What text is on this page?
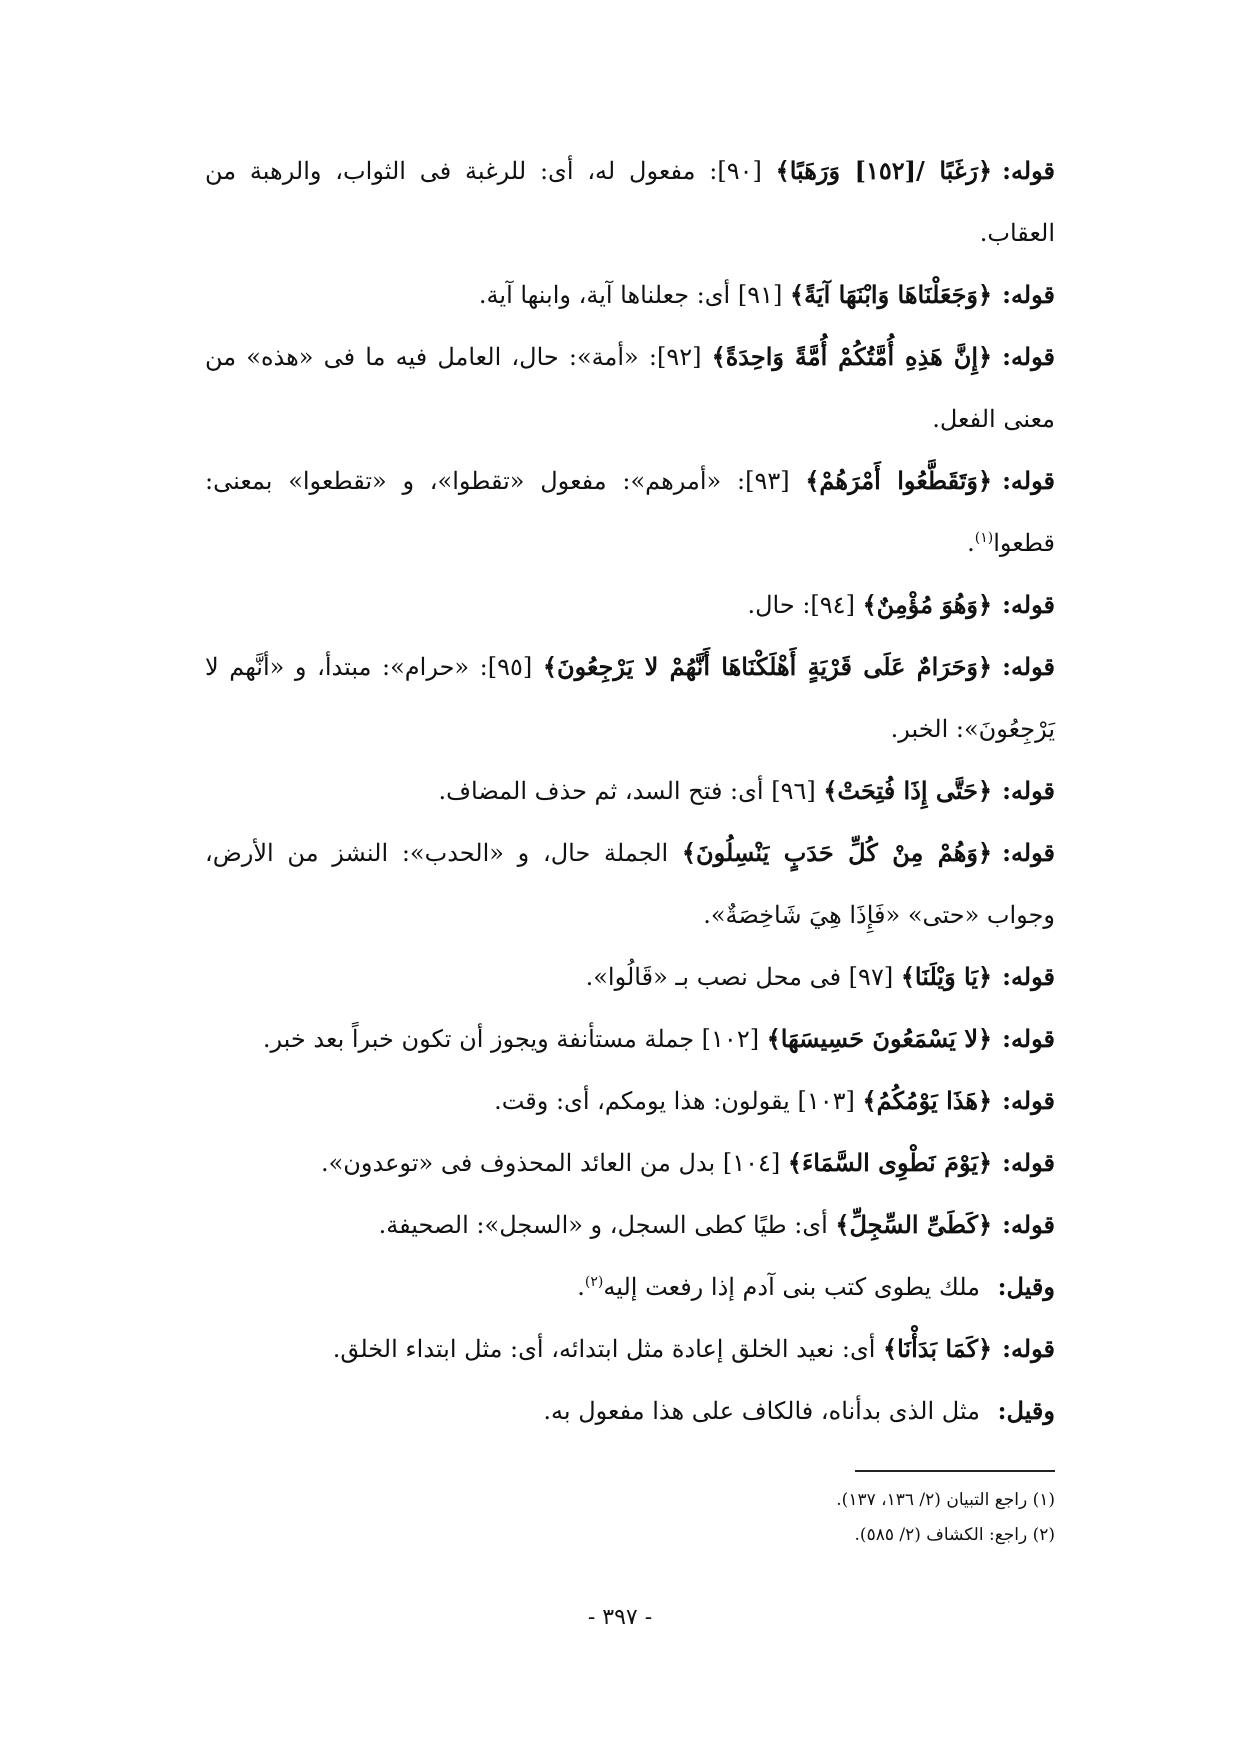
قوله:﴿رَغَبًا /[١٥٢] وَرَهَبًا﴾ [٩٠]: مفعول له، أى: للرغبة فى الثواب، والرهبة من العقاب.

قوله:﴿وَجَعَلْنَاهَا وَابْنَهَا آيَةً﴾ [٩١] أى: جعلناها آية، وابنها آية.

قوله:﴿إِنَّ هَذِهِ أُمَّتُكُمْ أُمَّةً وَاحِدَةً﴾ [٩٢]: «أمة»: حال، العامل فيه ما فى «هذه» من معنى الفعل.

قوله:﴿وَتَقَطَّعُوا أَمْرَهُمْ﴾ [٩٣]: «أمرهم»: مفعول «تقطوا»، و «تقطعوا» بمعنى: قطعوا$^{(١)}$.

قوله:﴿وَهُوَ مُؤْمِنٌ﴾ [٩٤]: حال.

قوله:﴿وَحَرَامٌ عَلَى قَرْيَةٍ أَهْلَكْنَاهَا أَنَّهُمْ لا يَرْجِعُونَ﴾ [٩٥]: «حرام»: مبتدأ، و «أنَّهم لا يَرْجِعُونَ»: الخبر.

قوله:﴿حَتَّى إِذَا فُتِحَتْ﴾ [٩٦] أى: فتح السد، ثم حذف المضاف.

قوله:﴿وَهُمْ مِنْ كُلِّ حَدَبٍ يَنْسِلُونَ﴾ الجملة حال، و «الحدب»: النشز من الأرض، وجواب «حتى» «فَإِذَا هِيَ شَاخِصَةٌ».

قوله:﴿يَا وَيْلَنَا﴾ [٩٧] فى محل نصب بـ «قَالُوا».

قوله:﴿لا يَسْمَعُونَ حَسِيسَهَا﴾ [١٠٢] جملة مستأنفة ويجوز أن تكون خبراً بعد خبر.

قوله:﴿هَذَا يَوْمُكُمُ﴾ [١٠٣] يقولون: هذا يومكم، أى: وقت.

قوله:﴿يَوْمَ نَطْوِى السَّمَاءَ﴾ [١٠٤] بدل من العائد المحذوف فى «توعدون».

قوله:﴿كَطَىِّ السِّجِلِّ﴾ أى: طيًا كطى السجل، و «السجل»: الصحيفة.

وقيل: ملك يطوى كتب بنى آدم إذا رفعت إليه$^{(٢)}$.

قوله:﴿كَمَا بَدَأْنَا﴾ أى: نعيد الخلق إعادة مثل ابتدائه، أى: مثل ابتداء الخلق.

وقيل: مثل الذى بدأناه، فالكاف على هذا مفعول به.

(١) راجع التبيان (٢/ ١٣٦، ١٣٧).
(٢) راجع: الكشاف (٢/ ٥٨٥).
- ٣٩٧ -
